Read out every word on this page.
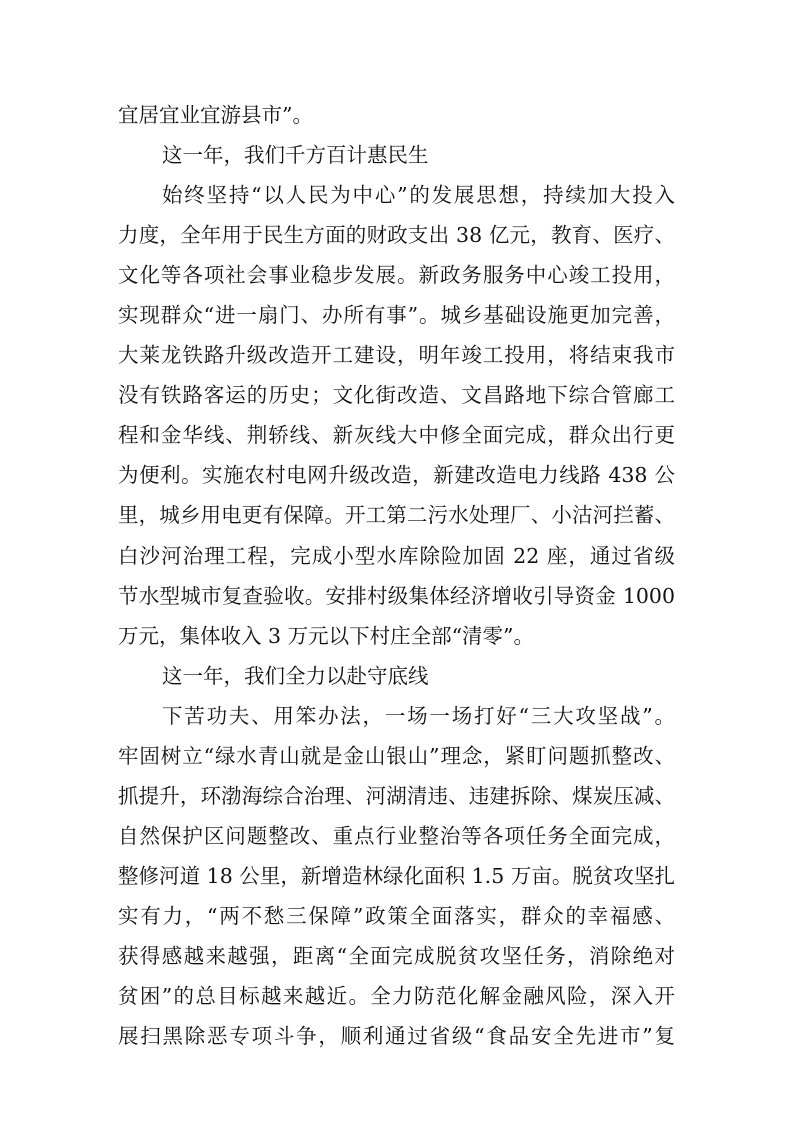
宜居宜业宜游县市”。
这一年，我们千方百计惠民生
始终坚持“以人民为中心”的发展思想，持续加大投入
力度，全年用于民生方面的财政支出 38 亿元，教育、医疗、
文化等各项社会事业稳步发展。新政务服务中心竣工投用，
实现群众“进一扇门、办所有事”。城乡基础设施更加完善，
大莱龙铁路升级改造开工建设，明年竣工投用，将结束我市
没有铁路客运的历史；文化街改造、文昌路地下综合管廊工
程和金华线、荆轿线、新灰线大中修全面完成，群众出行更
为便利。实施农村电网升级改造，新建改造电力线路 438 公
里，城乡用电更有保障。开工第二污水处理厂、小沽河拦蓄、
白沙河治理工程，完成小型水库除险加固 22 座，通过省级
节水型城市复查验收。安排村级集体经济增收引导资金 1000
万元，集体收入 3 万元以下村庄全部“清零”。
这一年，我们全力以赴守底线
下苦功夫、用笨办法，一场一场打好“三大攻坚战”。
牢固树立“绿水青山就是金山银山”理念，紧盯问题抓整改、
抓提升，环渤海综合治理、河湖清违、违建拆除、煤炭压减、
自然保护区问题整改、重点行业整治等各项任务全面完成，
整修河道 18 公里，新增造林绿化面积 1.5 万亩。脱贫攻坚扎
实有力，“两不愁三保障”政策全面落实，群众的幸福感、
获得感越来越强，距离“全面完成脱贫攻坚任务，消除绝对
贫困”的总目标越来越近。全力防范化解金融风险，深入开
展扫黑除恶专项斗争，顺利通过省级“食品安全先进市”复
